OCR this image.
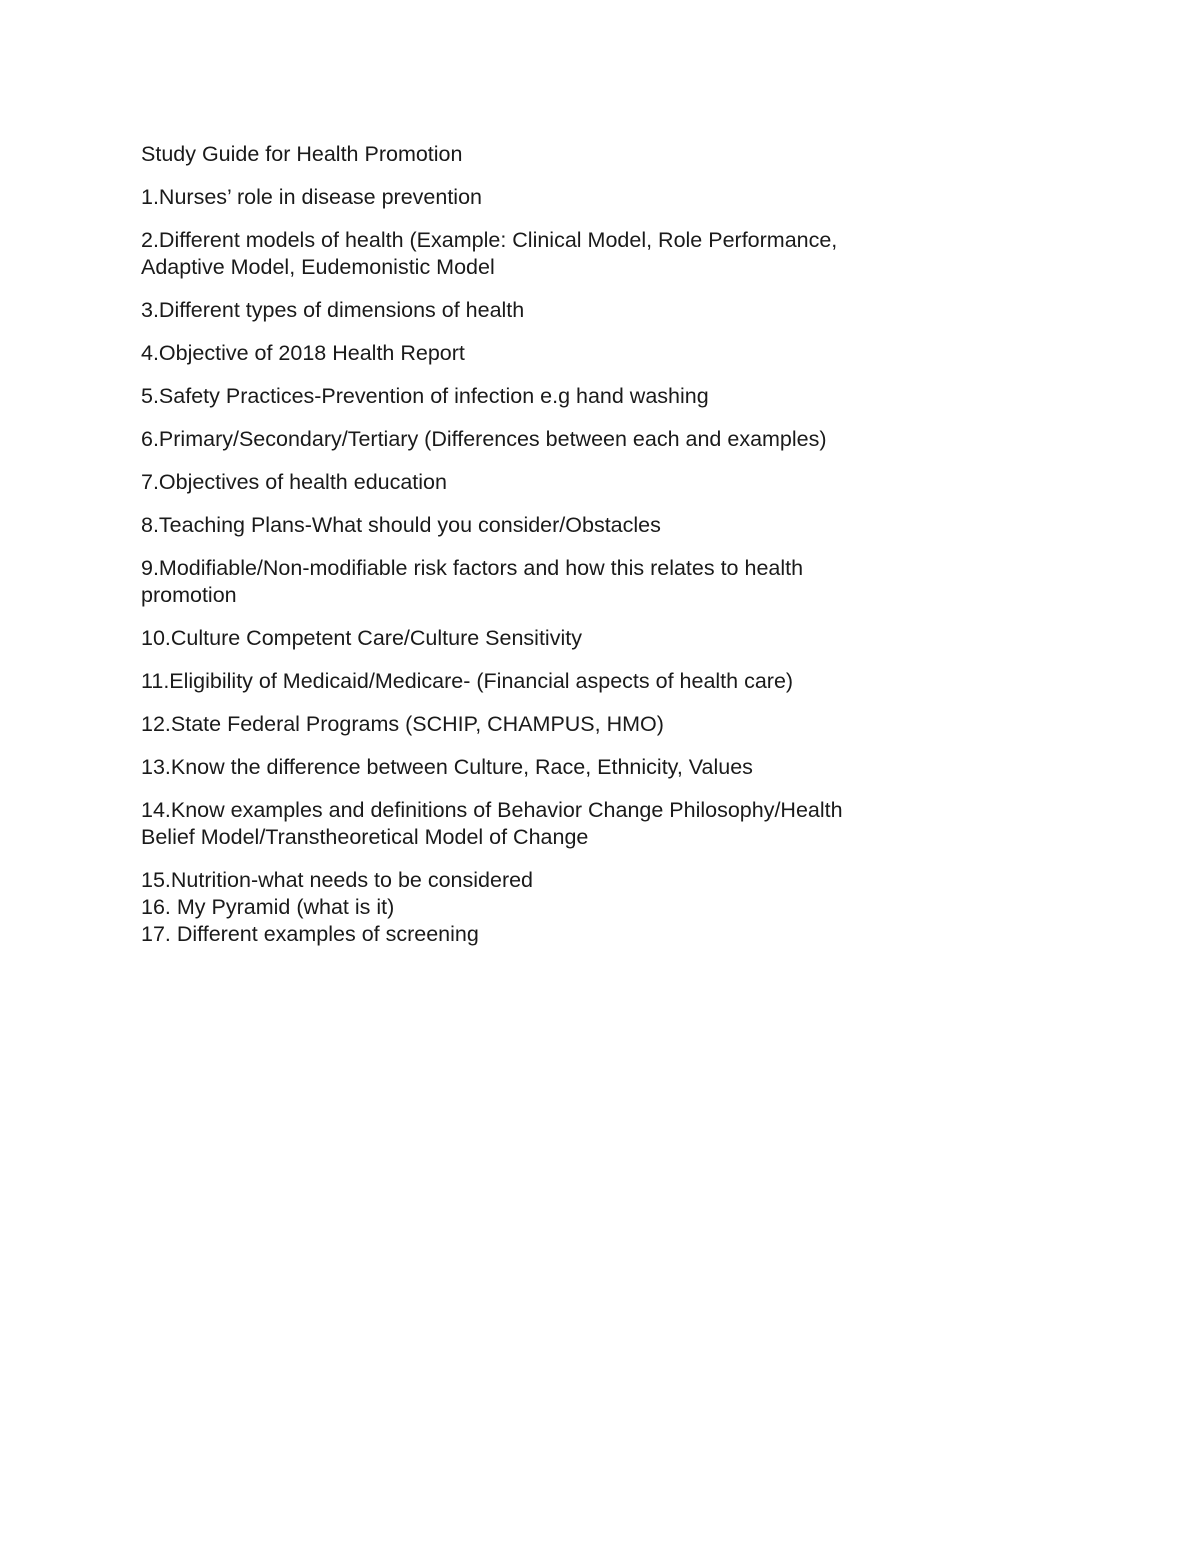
Study Guide for Health Promotion

1.Nurses’ role in disease prevention

2.Different models of health (Example: Clinical Model, Role Performance,
Adaptive Model, Eudemonistic Model

3.Different types of dimensions of health

4.Objective of 2018 Health Report

5.Safety Practices-Prevention of infection e.g hand washing

6.Primary/Secondary/Tertiary (Differences between each and examples)

7.Objectives of health education

8.Teaching Plans-What should you consider/Obstacles

9.Modifiable/Non-modifiable risk factors and how this relates to health
promotion

10.Culture Competent Care/Culture Sensitivity

11.Eligibility of Medicaid/Medicare- (Financial aspects of health care)

12.State Federal Programs (SCHIP, CHAMPUS, HMO)

13.Know the difference between Culture, Race, Ethnicity, Values

14.Know examples and definitions of Behavior Change Philosophy/Health
Belief Model/Transtheoretical Model of Change

15.Nutrition-what needs to be considered

16. My Pyramid (what is it)

17. Different examples of screening
